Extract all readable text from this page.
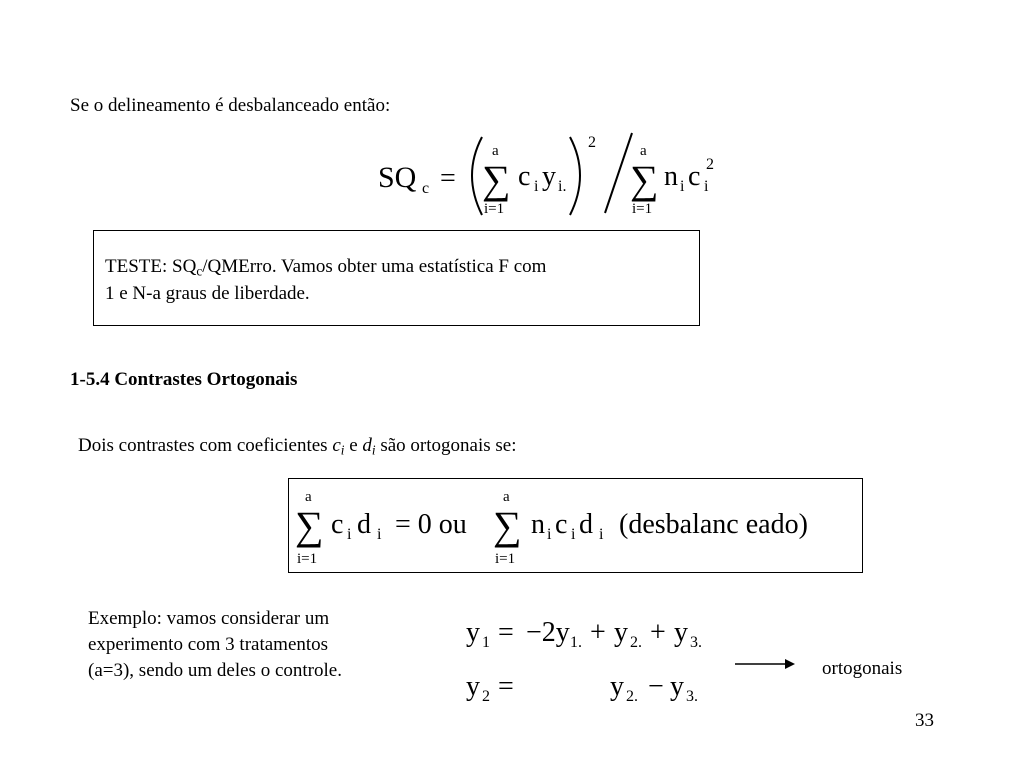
Se o delineamento é desbalanceado então:
SQ c =
a
∑
i=1
c i y i.
2	a
∑
i=1
n i c i
2
TESTE: $SQ_c$/QMErro. Vamos obter uma estatística F com
1 e N-a graus de liberdade.
1-5.4 Contrastes Ortogonais
Dois contrastes com coeficientes $c_i$ e $d_i$ são ortogonais se:
a
∑
i=1
c i d i = 0 ou
a
∑
i=1
n i c i d i (desbalanc eado)
Exemplo: vamos considerar um
experimento com 3 tratamentos
(a=3), sendo um deles o controle.
y 1 = −2y 1. + y 2. + y 3.
y 2 =	y 2. − y 3.
ortogonais
33
